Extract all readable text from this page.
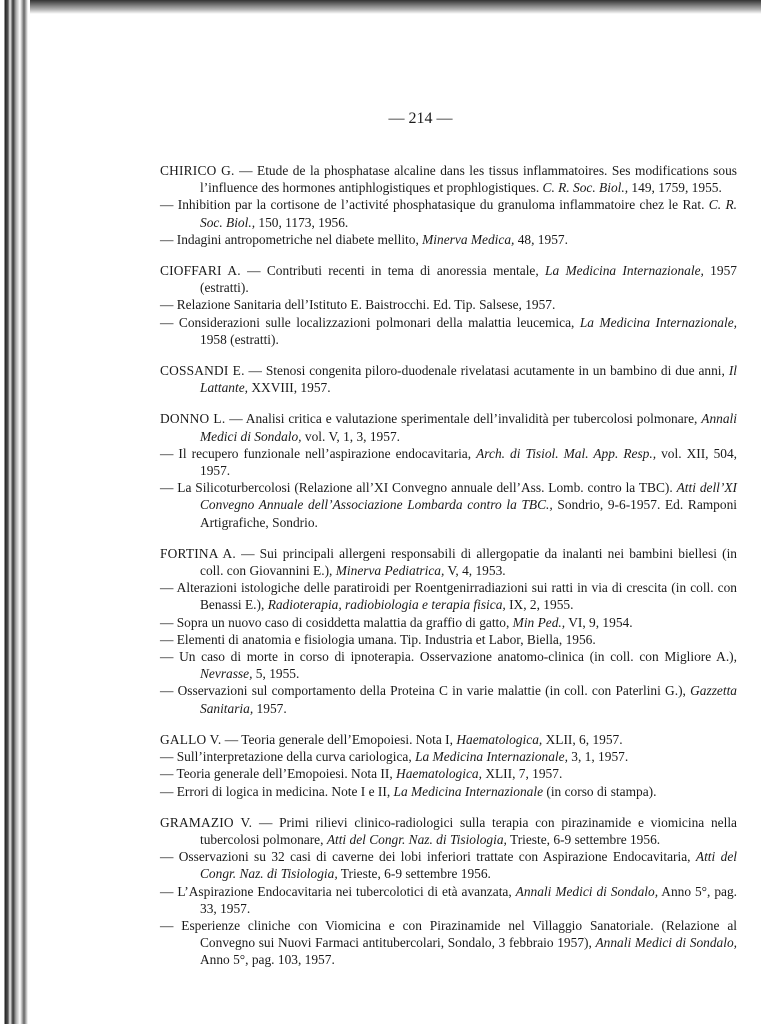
— 214 —
CHIRICO G. — Etude de la phosphatase alcaline dans les tissus inflammatoires. Ses modifications sous l’influence des hormones antiphlogistiques et prophlogistiques. C. R. Soc. Biol., 149, 1759, 1955.
— Inhibition par la cortisone de l’activité phosphatasique du granuloma inflammatoire chez le Rat. C. R. Soc. Biol., 150, 1173, 1956.
— Indagini antropometriche nel diabete mellito, Minerva Medica, 48, 1957.
CIOFFARI A. — Contributi recenti in tema di anoressia mentale, La Medicina Internazionale, 1957 (estratti).
— Relazione Sanitaria dell’Istituto E. Baistrocchi. Ed. Tip. Salsese, 1957.
— Considerazioni sulle localizzazioni polmonari della malattia leucemica, La Medicina Internazionale, 1958 (estratti).
COSSANDI E. — Stenosi congenita piloro-duodenale rivelatasi acutamente in un bambino di due anni, Il Lattante, XXVIII, 1957.
DONNO L. — Analisi critica e valutazione sperimentale dell’invalidità per tubercolosi polmonare, Annali Medici di Sondalo, vol. V, 1, 3, 1957.
— Il recupero funzionale nell’aspirazione endocavitaria, Arch. di Tisiol. Mal. App. Resp., vol. XII, 504, 1957.
— La Silicoturbercolosi (Relazione all’XI Convegno annuale dell’Ass. Lomb. contro la TBC). Atti dell’XI Convegno Annuale dell’Associazione Lombarda contro la TBC., Sondrio, 9-6-1957. Ed. Ramponi Artigrafiche, Sondrio.
FORTINA A. — Sui principali allergeni responsabili di allergopatie da inalanti nei bambini biellesi (in coll. con Giovannini E.), Minerva Pediatrica, V, 4, 1953.
— Alterazioni istologiche delle paratiroidi per Roentgenirradiazioni sui ratti in via di crescita (in coll. con Benassi E.), Radioterapia, radiobiologia e terapia fisica, IX, 2, 1955.
— Sopra un nuovo caso di cosiddetta malattia da graffio di gatto, Min Ped., VI, 9, 1954.
— Elementi di anatomia e fisiologia umana. Tip. Industria et Labor, Biella, 1956.
— Un caso di morte in corso di ipnoterapia. Osservazione anatomo-clinica (in coll. con Migliore A.), Nevrasse, 5, 1955.
— Osservazioni sul comportamento della Proteina C in varie malattie (in coll. con Paterlini G.), Gazzetta Sanitaria, 1957.
GALLO V. — Teoria generale dell’Emopoiesi. Nota I, Haematologica, XLII, 6, 1957.
— Sull’interpretazione della curva cariologica, La Medicina Internazionale, 3, 1, 1957.
— Teoria generale dell’Emopoiesi. Nota II, Haematologica, XLII, 7, 1957.
— Errori di logica in medicina. Note I e II, La Medicina Internazionale (in corso di stampa).
GRAMAZIO V. — Primi rilievi clinico-radiologici sulla terapia con pirazinamide e viomicina nella tubercolosi polmonare, Atti del Congr. Naz. di Tisiologia, Trieste, 6-9 settembre 1956.
— Osservazioni su 32 casi di caverne dei lobi inferiori trattate con Aspirazione Endocavitaria, Atti del Congr. Naz. di Tisiologia, Trieste, 6-9 settembre 1956.
— L’Aspirazione Endocavitaria nei tubercolotici di età avanzata, Annali Medici di Sondalo, Anno 5°, pag. 33, 1957.
— Esperienze cliniche con Viomicina e con Pirazinamide nel Villaggio Sanatoriale. (Relazione al Convegno sui Nuovi Farmaci antitubercolari, Sondalo, 3 febbraio 1957), Annali Medici di Sondalo, Anno 5°, pag. 103, 1957.
